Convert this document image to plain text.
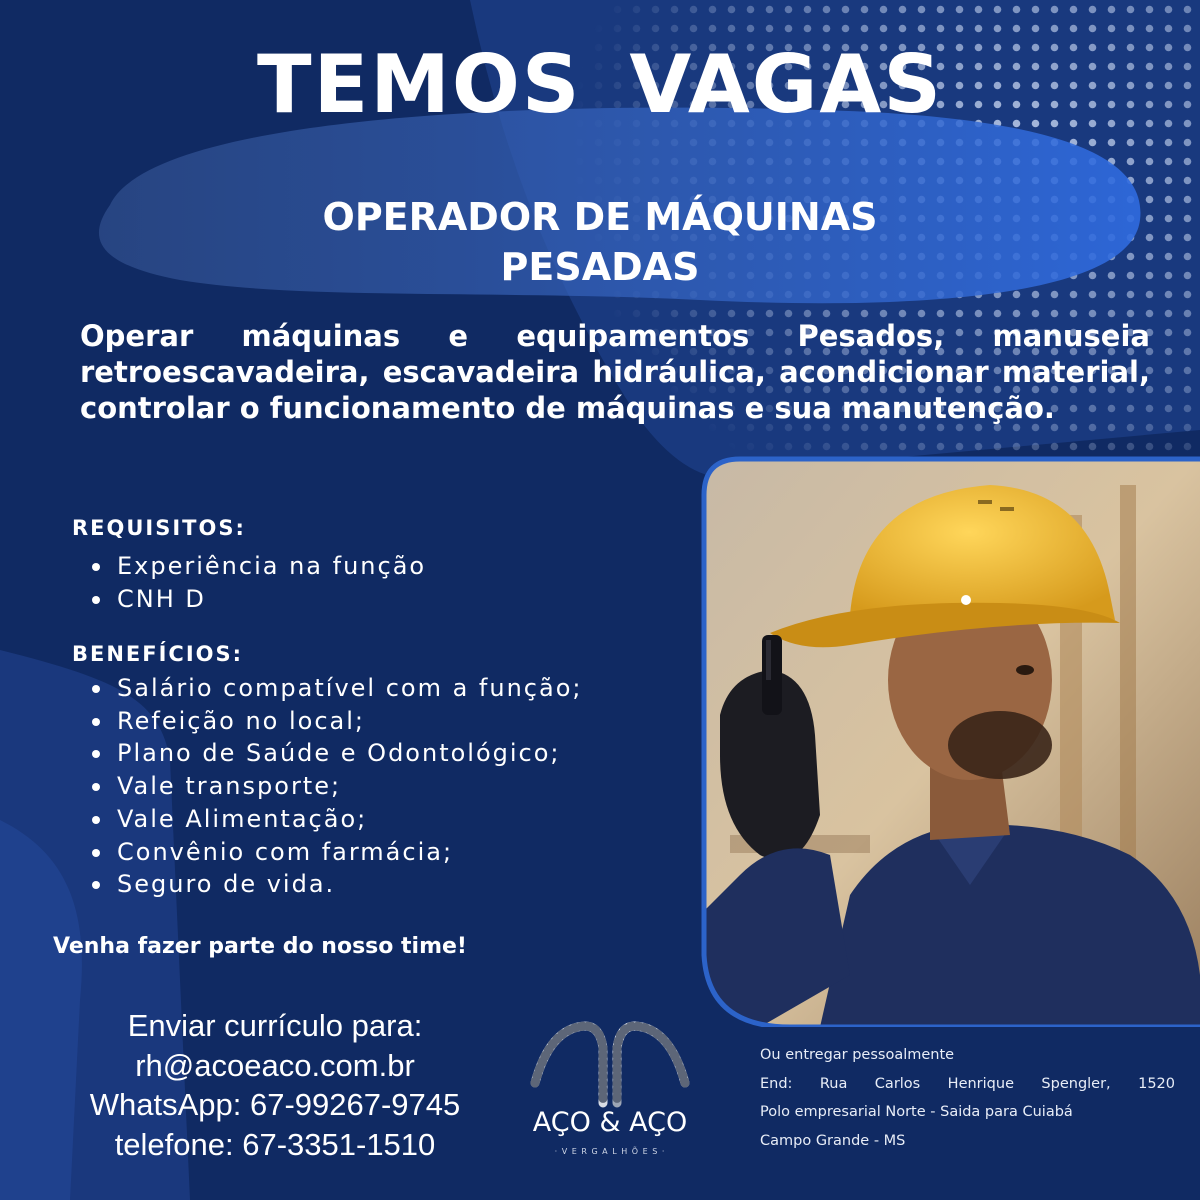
TEMOS VAGAS
OPERADOR DE MÁQUINAS
PESADAS

Operar máquinas e equipamentos Pesados, manuseia retroescavadeira, escavadeira hidráulica, acondicionar material, controlar o funcionamento de máquinas e sua manutenção.

REQUISITOS:
Experiência na função
CNH D
BENEFÍCIOS:
Salário compatível com a função;
Refeição no local;
Plano de Saúde e Odontológico;
Vale transporte;
Vale Alimentação;
Convênio com farmácia;
Seguro de vida.

Venha fazer parte do nosso time!

Enviar currículo para:
rh@acoeaco.com.br
WhatsApp: 67-99267-9745
telefone: 67-3351-1510
AÇO & AÇO
· V E R G A L H Õ E S ·
Ou entregar pessoalmente
End: Rua Carlos Henrique Spengler, 1520
Polo empresarial Norte - Saida para Cuiabá
Campo Grande - MS
